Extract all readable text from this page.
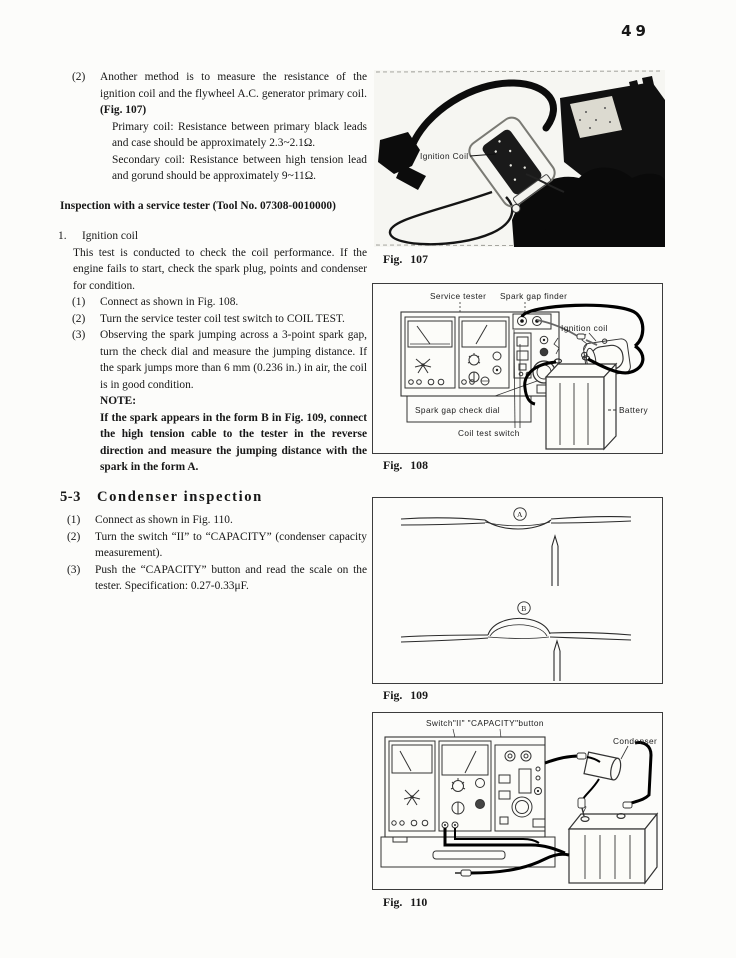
49
(2) Another method is to measure the resistance of the ignition coil and the flywheel A.C. generator primary coil. (Fig. 107)
Primary coil: Resistance between primary black leads and case should be approximately 2.3~2.1Ω.
Secondary coil: Resistance between high tension lead and gorund should be approximately 9~11Ω.
Inspection with a service tester (Tool No. 07308-0010000)
1. Ignition coil
This test is conducted to check the coil performance. If the engine fails to start, check the spark plug, points and condenser for condition.
(1) Connect as shown in Fig. 108.
(2) Turn the service tester coil test switch to COIL TEST.
(3) Observing the spark jumping across a 3-point spark gap, turn the check dial and measure the jumping distance. If the spark jumps more than 6 mm (0.236 in.) in air, the coil is in good condition.
NOTE:
If the spark appears in the form B in Fig. 109, connect the high tension cable to the tester in the reverse direction and measure the jumping distance with the spark in the form A.
5-3 Condenser inspection
(1) Connect as shown in Fig. 110.
(2) Turn the switch “II” to “CAPACITY” (condenser capacity measurement).
(3) Push the “CAPACITY” button and read the scale on the tester. Specification: 0.27-0.33μF.
Ignition Coil
Fig. 107
Service tester Spark gap finder
Ignition coil
Spark gap check dial	Battery
Coil test switch
Fig. 108
A
B
Fig. 109
Switch"II" "CAPACITY"button
Condenser
Fig. 110
